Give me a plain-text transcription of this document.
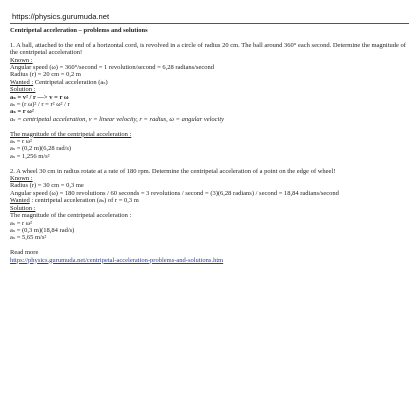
https://physics.gurumuda.net

Centripetal acceleration – problems and solutions

1. A ball, attached to the end of a horizontal cord, is revolved in a circle of radius 20 cm. The ball around 360° each second. Determine the magnitude of the centripetal acceleration!

Known :

Angular speed (ω) = 360°/second = 1 revolution/second = 6,28 radians/second

Radius (r) = 20 cm = 0,2 m

Wanted : Centripetal acceleration (aₛ)

Solution :

aₛ = v² / r —> v = r ω

aₛ = (r ω)² / r = r² ω² / r

aₛ = r ω²

aₛ = centripetal acceleration, v = linear velocity, r = radius, ω = angular velocity

The magnitude of the centripetal acceleration :

aₛ = r ω²

aₛ = (0,2 m)(6,28 rad/s)

aₛ = 1,256 m/s²

2. A wheel 30 cm in radius rotate at a rate of 180 rpm. Determine the centripetal acceleration of a point on the edge of wheel!

Known :

Radius (r) = 30 cm = 0,3 me

Angular speed (ω) = 180 revolutions / 60 seconds = 3 revolutions / second = (3)(6,28 radians) / second = 18,84 radians/second

Wanted : centripetal acceleration (aₛ) of r = 0,3 m

Solution :

The magnitude of the centripetal acceleration :

aₛ = r ω²

aₛ = (0,3 m)(18,84 rad/s)

aₛ = 5,65 m/s²

Read more

https://physics.gurumuda.net/centripetal-acceleration-problems-and-solutions.htm
